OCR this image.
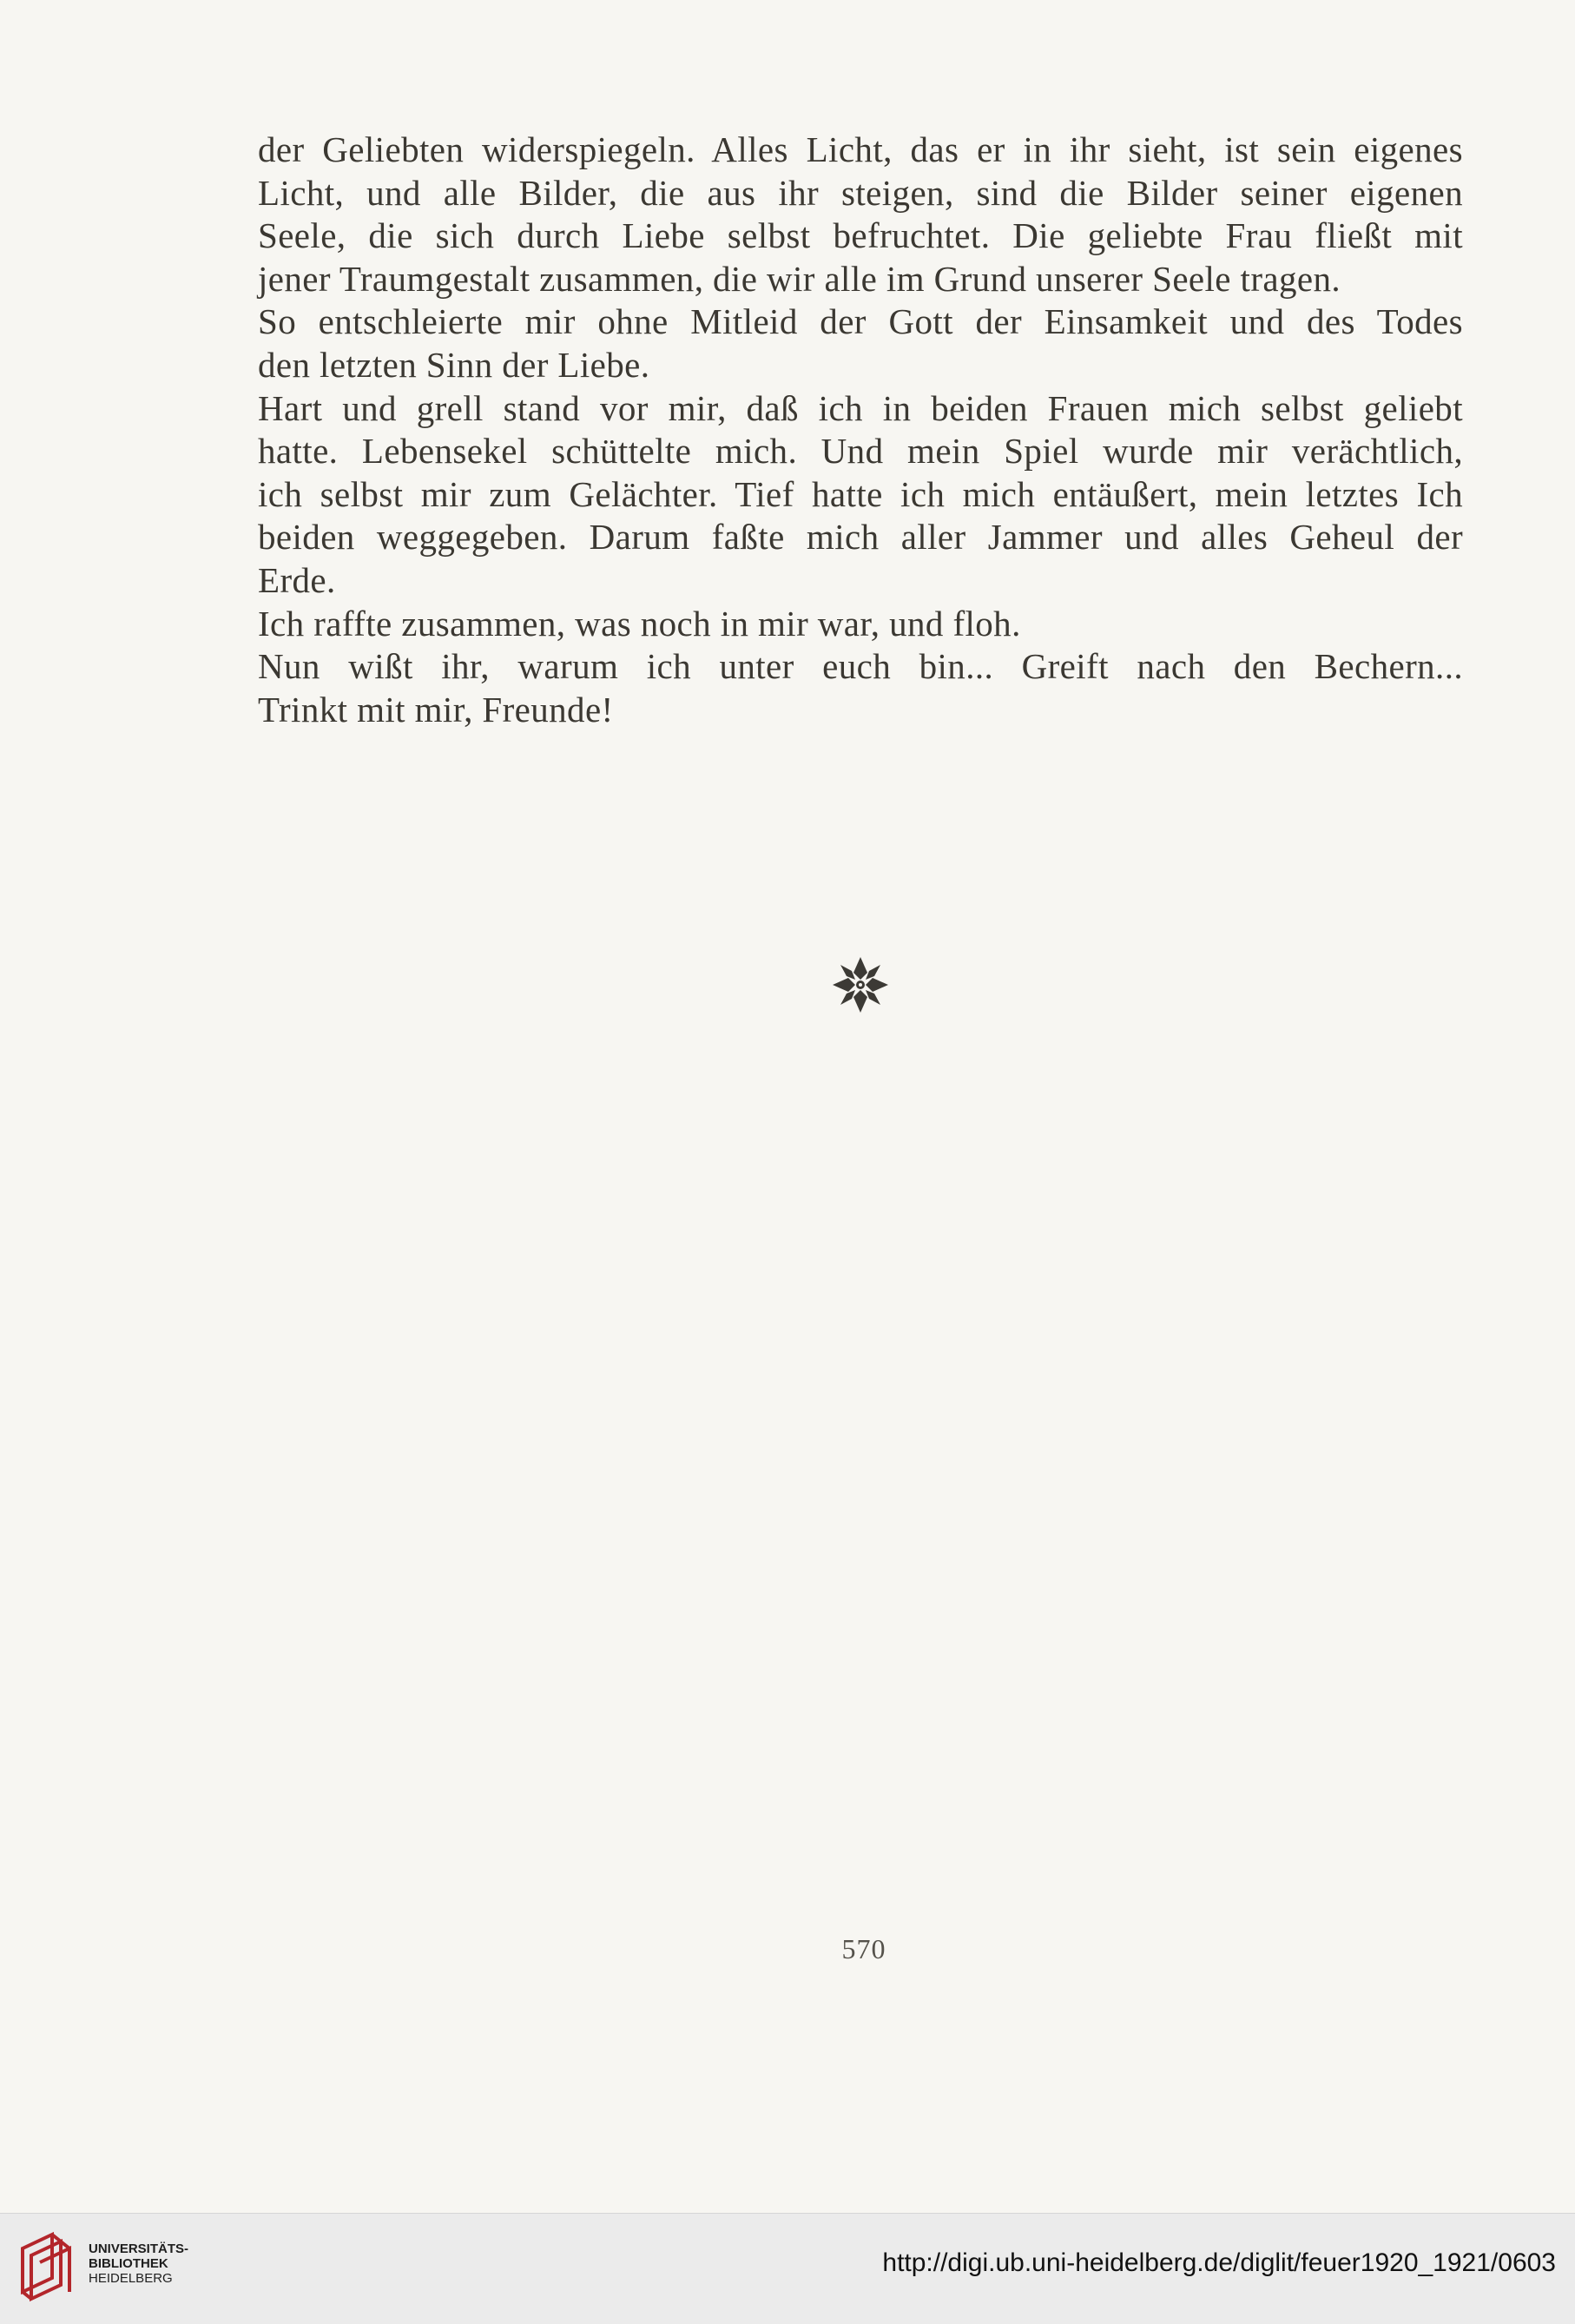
der Geliebten widerspiegeln. Alles Licht, das er in ihr sieht, ist sein eigenes
Licht, und alle Bilder, die aus ihr steigen, sind die Bilder seiner eigenen
Seele, die sich durch Liebe selbst befruchtet. Die geliebte Frau fließt mit
jener Traumgestalt zusammen, die wir alle im Grund unserer Seele tragen.
So entschleierte mir ohne Mitleid der Gott der Einsamkeit und des Todes
den letzten Sinn der Liebe.
Hart und grell stand vor mir, daß ich in beiden Frauen mich selbst geliebt
hatte. Lebensekel schüttelte mich. Und mein Spiel wurde mir verächtlich,
ich selbst mir zum Gelächter. Tief hatte ich mich entäußert, mein letztes Ich
beiden weggegeben. Darum faßte mich aller Jammer und alles Geheul der
Erde.
Ich raffte zusammen, was noch in mir war, und floh.
Nun wißt ihr, warum ich unter euch bin... Greift nach den Bechern...
Trinkt mit mir, Freunde!
570
UNIVERSITÄTS-
BIBLIOTHEK
HEIDELBERG
http://digi.ub.uni-heidelberg.de/diglit/feuer1920_1921/0603
